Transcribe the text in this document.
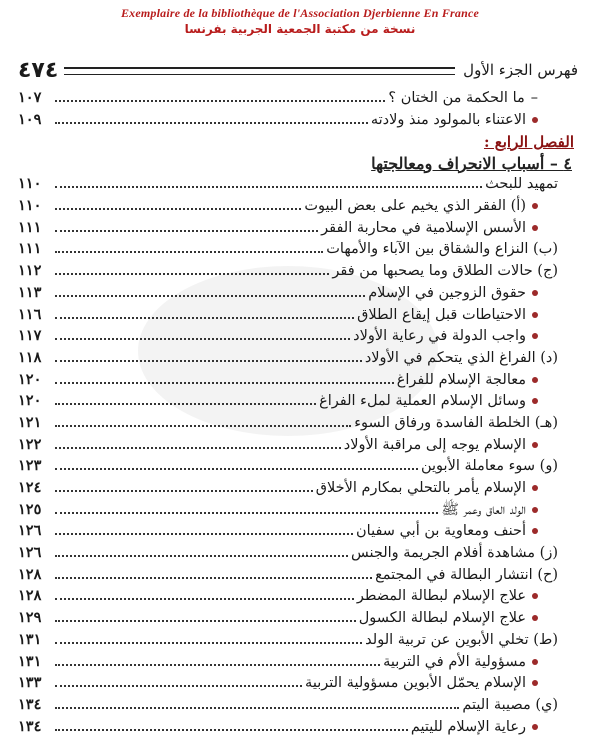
Exemplaire de la bibliothèque de l'Association Djerbienne En France
نسخة من مكتبة الجمعية الجربية بفرنسا
فهرس الجزء الأول
٤٧٤
–ما الحكمة من الختان ؟
١٠٧
الاعتناء بالمولود منذ ولادته
١٠٩
الفصل الرابع :
٤ – أسباب الانحراف ومعالجتها
تمهيد للبحث
١١٠
(أ) الفقر الذي يخيم على بعض البيوت
١١٠
الأسس الإسلامية في محاربة الفقر
١١١
(ب) النزاع والشقاق بين الآباء والأمهات
١١١
(ج) حالات الطلاق وما يصحبها من فقر
١١٢
حقوق الزوجين في الإسلام
١١٣
الاحتياطات قبل إيقاع الطلاق
١١٦
واجب الدولة في رعاية الأولاد
١١٧
(د) الفراغ الذي يتحكم في الأولاد
١١٨
معالجة الإسلام للفراغ
١٢٠
وسائل الإسلام العملية لملء الفراغ
١٢٠
(هـ) الخلطة الفاسدة ورفاق السوء
١٢١
الإسلام يوجه إلى مراقبة الأولاد
١٢٢
(و) سوء معاملة الأبوين
١٢٣
الإسلام يأمر بالتحلي بمكارم الأخلاق
١٢٤
الولد العاق وعمر ﷺ
١٢٥
أحنف ومعاوية بن أبي سفيان
١٢٦
(ز) مشاهدة أفلام الجريمة والجنس
١٢٦
(ح) انتشار البطالة في المجتمع
١٢٨
علاج الإسلام لبطالة المضطر
١٢٨
علاج الإسلام لبطالة الكسول
١٢٩
(ط) تخلي الأبوين عن تربية الولد
١٣١
مسؤولية الأم في التربية
١٣١
الإسلام يحمّل الأبوين مسؤولية التربية
١٣٣
(ي) مصيبة اليتم
١٣٤
رعاية الإسلام لليتيم
١٣٤
